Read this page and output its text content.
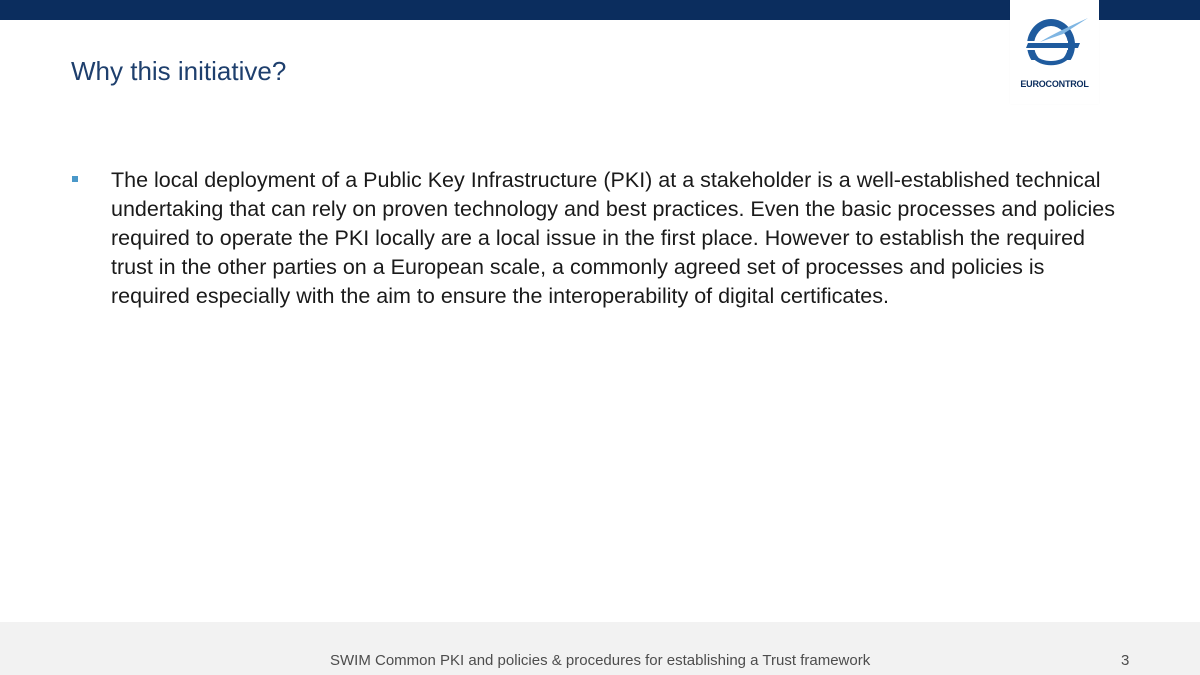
EUROCONTROL
Why this initiative?
The local deployment of a Public Key Infrastructure (PKI) at a stakeholder is a well-established technical undertaking that can rely on proven technology and best practices. Even the basic processes and policies required to operate the PKI locally are a local issue in the first place. However to establish the required trust in the other parties on a European scale, a commonly agreed set of processes and policies is required especially with the aim to ensure the interoperability of digital certificates.
SWIM Common PKI and policies & procedures for establishing a Trust framework	3
